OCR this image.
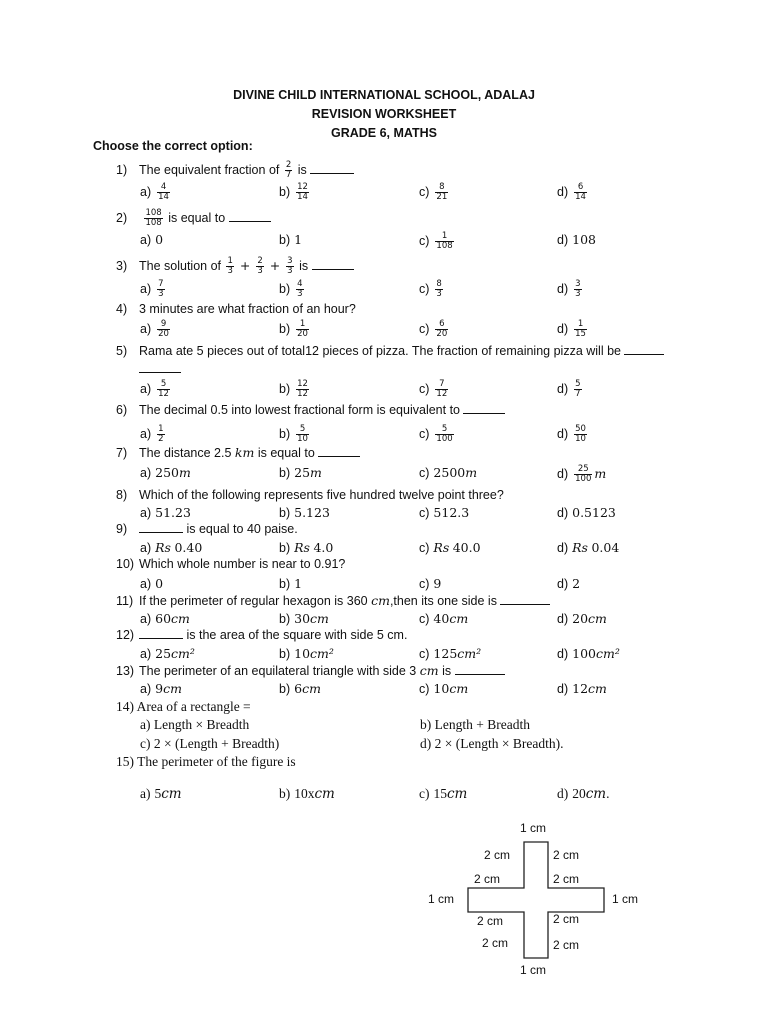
DIVINE CHILD INTERNATIONAL SCHOOL, ADALAJ
REVISION WORKSHEET
GRADE 6, MATHS
Choose the correct option:
1) The equivalent fraction of $\frac{2}{7}$ is
$a) \frac{4}{14}$	$b) \frac{12}{14}$	$c) \frac{8}{21}$	$d) \frac{6}{14}$
$2) \frac{108}{108}$ is equal to
a) 0	b) 1	$c) \frac{1}{108}$	d) 108
3) The solution of $\frac{1}{3} + \frac{2}{3} + \frac{3}{3}$ is
$a) \frac{7}{3}$	$b) \frac{4}{3}$	$c) \frac{8}{3}$	$d) \frac{3}{3}$
4) 3 minutes are what fraction of an hour?
$a) \frac{9}{20}$	$b) \frac{1}{20}$	$c) \frac{6}{20}$	$d) \frac{1}{15}$
5) Rama ate 5 pieces out of total12 pieces of pizza. The fraction of remaining pizza will be
$a) \frac{5}{12}$	$b) \frac{12}{12}$	$c) \frac{7}{12}$	$d) \frac{5}{7}$
6) The decimal 0.5 into lowest fractional form is equivalent to
$a) \frac{1}{2}$	$b) \frac{5}{10}$	$c) \frac{5}{100}$	$d) \frac{50}{10}$
7) The distance 2.5 km is equal to
a) 250m	b) 25m	c) 2500m	$d) \frac{25}{100}$ m
8) Which of the following represents five hundred twelve point three?
a) 51.23	b) 5.123	c) 512.3	d) 0.5123
9)	is equal to 40 paise.
a) Rs 0.40	b) Rs 4.0	c) Rs 40.0	d) Rs 0.04
10) Which whole number is near to 0.91?
a) 0	b) 1	c) 9	d) 2
11) If the perimeter of regular hexagon is 360 cm,then its one side is
a) 60cm	b) 30cm	c) 40cm	d) 20cm
12)	is the area of the square with side 5 cm.
a) 25cm²	b) 10cm²	c) 125cm²	d) 100cm²
13) The perimeter of an equilateral triangle with side 3 cm is
a) 9cm	b) 6cm	c) 10cm	d) 12cm
14) Area of a rectangle =
a) Length × Breadth	b) Length + Breadth
c) 2 × (Length + Breadth)	d) 2 × (Length × Breadth).
15) The perimeter of the figure is
a) 5cm	b) 10xcm	c) 15cm	d) 20cm.
1 cm
2 cm	2 cm
2 cm	2 cm
1 cm	1 cm
2 cm	2 cm
2 cm	2 cm
1 cm
